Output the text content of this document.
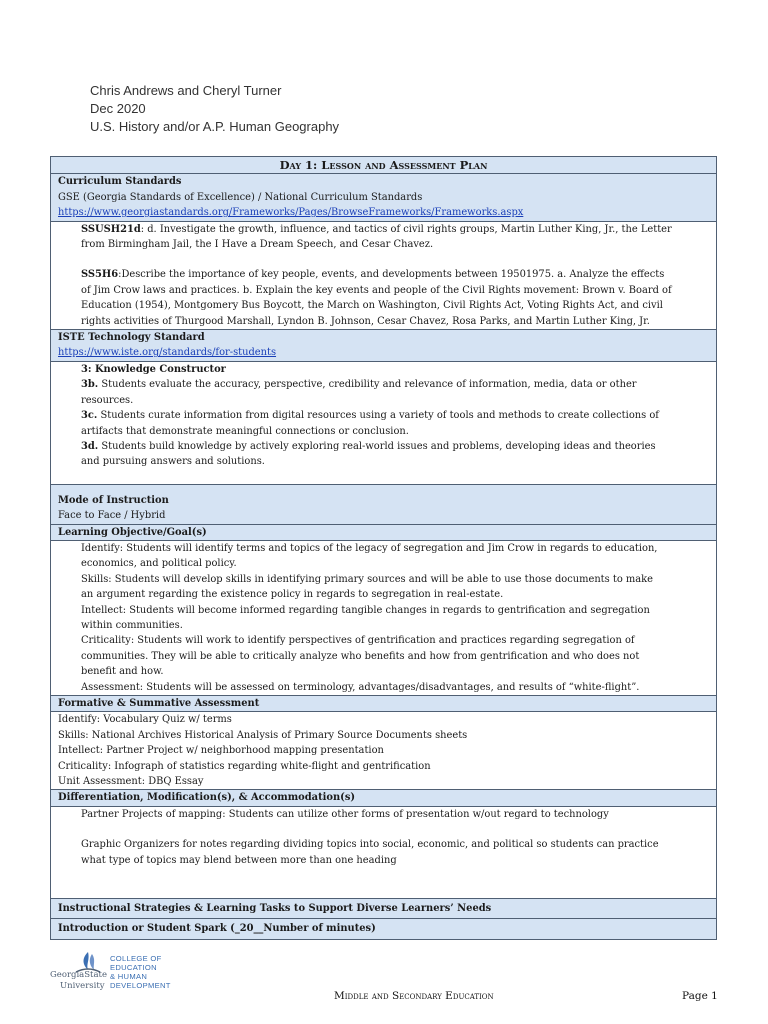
Chris Andrews and Cheryl Turner
Dec 2020
U.S. History and/or A.P. Human Geography
Day 1: Lesson and Assessment Plan

Curriculum Standards
GSE (Georgia Standards of Excellence) / National Curriculum Standards
https://www.georgiastandards.org/Frameworks/Pages/BrowseFrameworks/Frameworks.aspx

SSUSH21d: d. Investigate the growth, influence, and tactics of civil rights groups, Martin Luther King, Jr., the Letter
from Birmingham Jail, the I Have a Dream Speech, and Cesar Chavez.
SS5H6:Describe the importance of key people, events, and developments between 19501975. a. Analyze the effects
of Jim Crow laws and practices. b. Explain the key events and people of the Civil Rights movement: Brown v. Board of
Education (1954), Montgomery Bus Boycott, the March on Washington, Civil Rights Act, Voting Rights Act, and civil
rights activities of Thurgood Marshall, Lyndon B. Johnson, Cesar Chavez, Rosa Parks, and Martin Luther King, Jr.

ISTE Technology Standard
https://www.iste.org/standards/for-students

3: Knowledge Constructor
3b. Students evaluate the accuracy, perspective, credibility and relevance of information, media, data or other
resources.
3c. Students curate information from digital resources using a variety of tools and methods to create collections of
artifacts that demonstrate meaningful connections or conclusion.
3d. Students build knowledge by actively exploring real-world issues and problems, developing ideas and theories
and pursuing answers and solutions.

Mode of Instruction
Face to Face / Hybrid

Learning Objective/Goal(s)

Identify: Students will identify terms and topics of the legacy of segregation and Jim Crow in regards to education,
economics, and political policy.
Skills: Students will develop skills in identifying primary sources and will be able to use those documents to make
an argument regarding the existence policy in regards to segregation in real-estate.
Intellect: Students will become informed regarding tangible changes in regards to gentrification and segregation
within communities.
Criticality: Students will work to identify perspectives of gentrification and practices regarding segregation of
communities. They will be able to critically analyze who benefits and how from gentrification and who does not
benefit and how.
Assessment: Students will be assessed on terminology, advantages/disadvantages, and results of “white-flight”.

Formative & Summative Assessment

Identify: Vocabulary Quiz w/ terms
Skills: National Archives Historical Analysis of Primary Source Documents sheets
Intellect: Partner Project w/ neighborhood mapping presentation
Criticality: Infograph of statistics regarding white-flight and gentrification
Unit Assessment: DBQ Essay

Differentiation, Modification(s), & Accommodation(s)

Partner Projects of mapping: Students can utilize other forms of presentation w/out regard to technology
Graphic Organizers for notes regarding dividing topics into social, economic, and political so students can practice
what type of topics may blend between more than one heading

Instructional Strategies & Learning Tasks to Support Diverse Learners’ Needs

Introduction or Student Spark (_20__Number of minutes)
GeorgiaState
University
COLLEGE OF
EDUCATION
& HUMAN
DEVELOPMENT
Middle and Secondary Education	Page 1
